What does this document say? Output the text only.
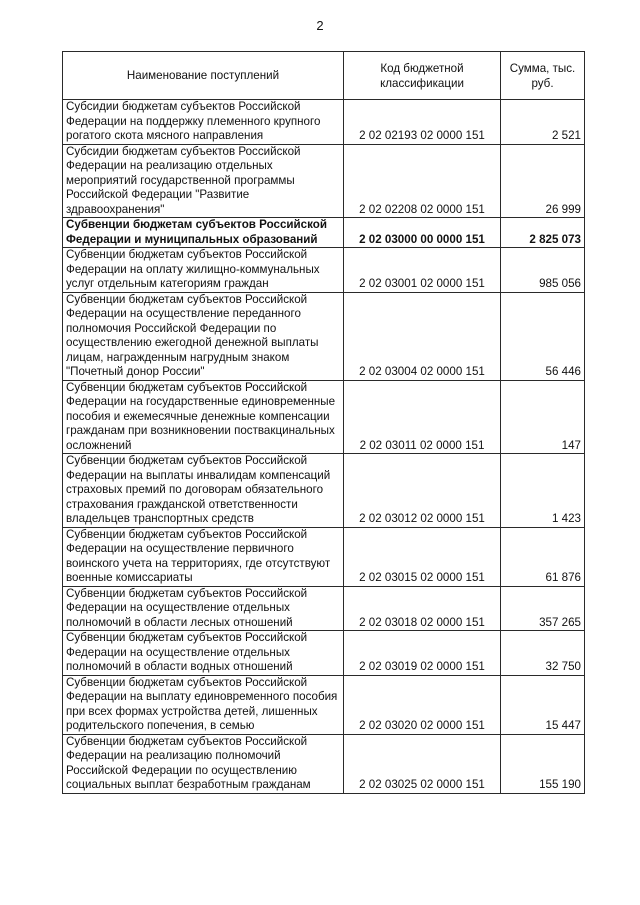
2
Наименование поступлений	Код бюджетной классификации	Сумма, тыс. руб.
Субсидии бюджетам субъектов Российской Федерации на поддержку племенного крупного рогатого скота мясного направления	2 02 02193 02 0000 151	2 521
Субсидии бюджетам субъектов Российской Федерации на реализацию отдельных мероприятий государственной программы Российской Федерации "Развитие здравоохранения"	2 02 02208 02 0000 151	26 999
Субвенции бюджетам субъектов Российской Федерации и муниципальных образований	2 02 03000 00 0000 151	2 825 073
Субвенции бюджетам субъектов Российской Федерации на оплату жилищно-коммунальных услуг отдельным категориям граждан	2 02 03001 02 0000 151	985 056
Субвенции бюджетам субъектов Российской Федерации на осуществление переданного полномочия Российской Федерации по осуществлению ежегодной денежной выплаты лицам, награжденным нагрудным знаком "Почетный донор России"	2 02 03004 02 0000 151	56 446
Субвенции бюджетам субъектов Российской Федерации на государственные единовременные пособия и ежемесячные денежные компенсации гражданам при возникновении поствакцинальных осложнений	2 02 03011 02 0000 151	147
Субвенции бюджетам субъектов Российской Федерации на выплаты инвалидам компенсаций страховых премий по договорам обязательного страхования гражданской ответственности владельцев транспортных средств	2 02 03012 02 0000 151	1 423
Субвенции бюджетам субъектов Российской Федерации на осуществление первичного воинского учета на территориях, где отсутствуют военные комиссариаты	2 02 03015 02 0000 151	61 876
Субвенции бюджетам субъектов Российской Федерации на осуществление отдельных полномочий в области лесных отношений	2 02 03018 02 0000 151	357 265
Субвенции бюджетам субъектов Российской Федерации на осуществление отдельных полномочий в области водных отношений	2 02 03019 02 0000 151	32 750
Субвенции бюджетам субъектов Российской Федерации на выплату единовременного пособия при всех формах устройства детей, лишенных родительского попечения, в семью	2 02 03020 02 0000 151	15 447
Субвенции бюджетам субъектов Российской Федерации на реализацию полномочий Российской Федерации по осуществлению социальных выплат безработным гражданам	2 02 03025 02 0000 151	155 190
